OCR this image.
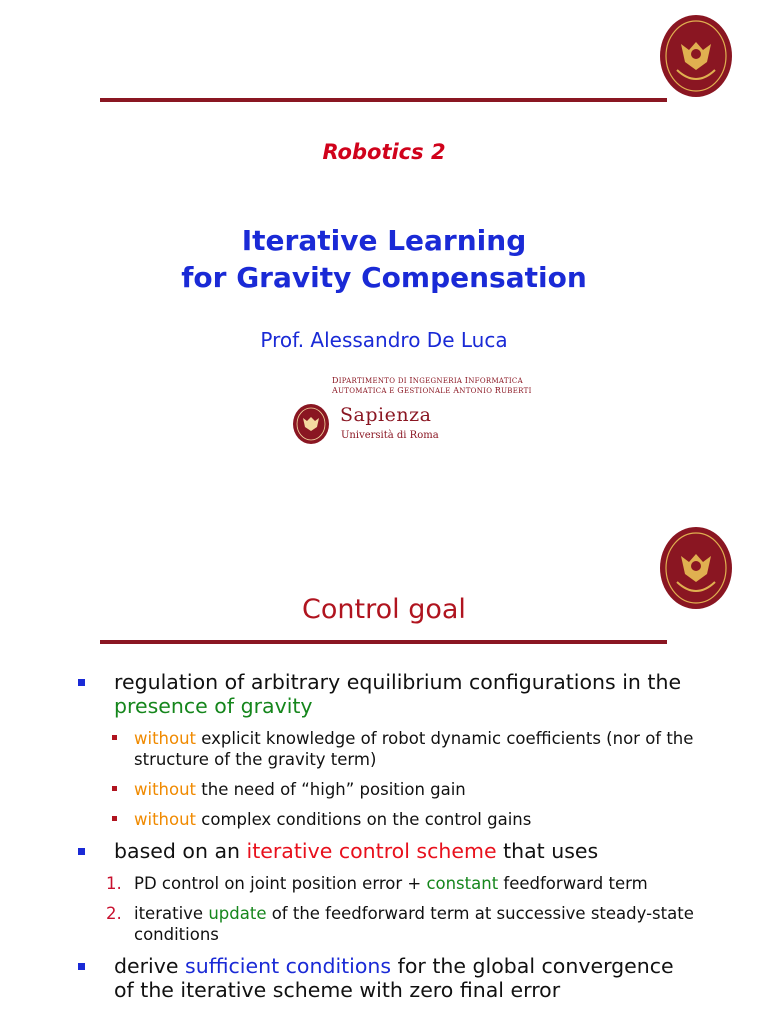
Robotics 2
Iterative Learning
for Gravity Compensation
Prof. Alessandro De Luca
DIPARTIMENTO DI INGEGNERIA INFORMATICA
AUTOMATICA E GESTIONALE ANTONIO RUBERTI
Sapienza
Università di Roma
Control goal
regulation of arbitrary equilibrium configurations in the
presence of gravity
without explicit knowledge of robot dynamic coefficients (nor of the structure of the gravity term)
without the need of “high” position gain
without complex conditions on the control gains
based on an iterative control scheme that uses
1. PD control on joint position error + constant feedforward term
2. iterative update of the feedforward term at successive steady-state conditions
derive sufficient conditions for the global convergence of the iterative scheme with zero final error
